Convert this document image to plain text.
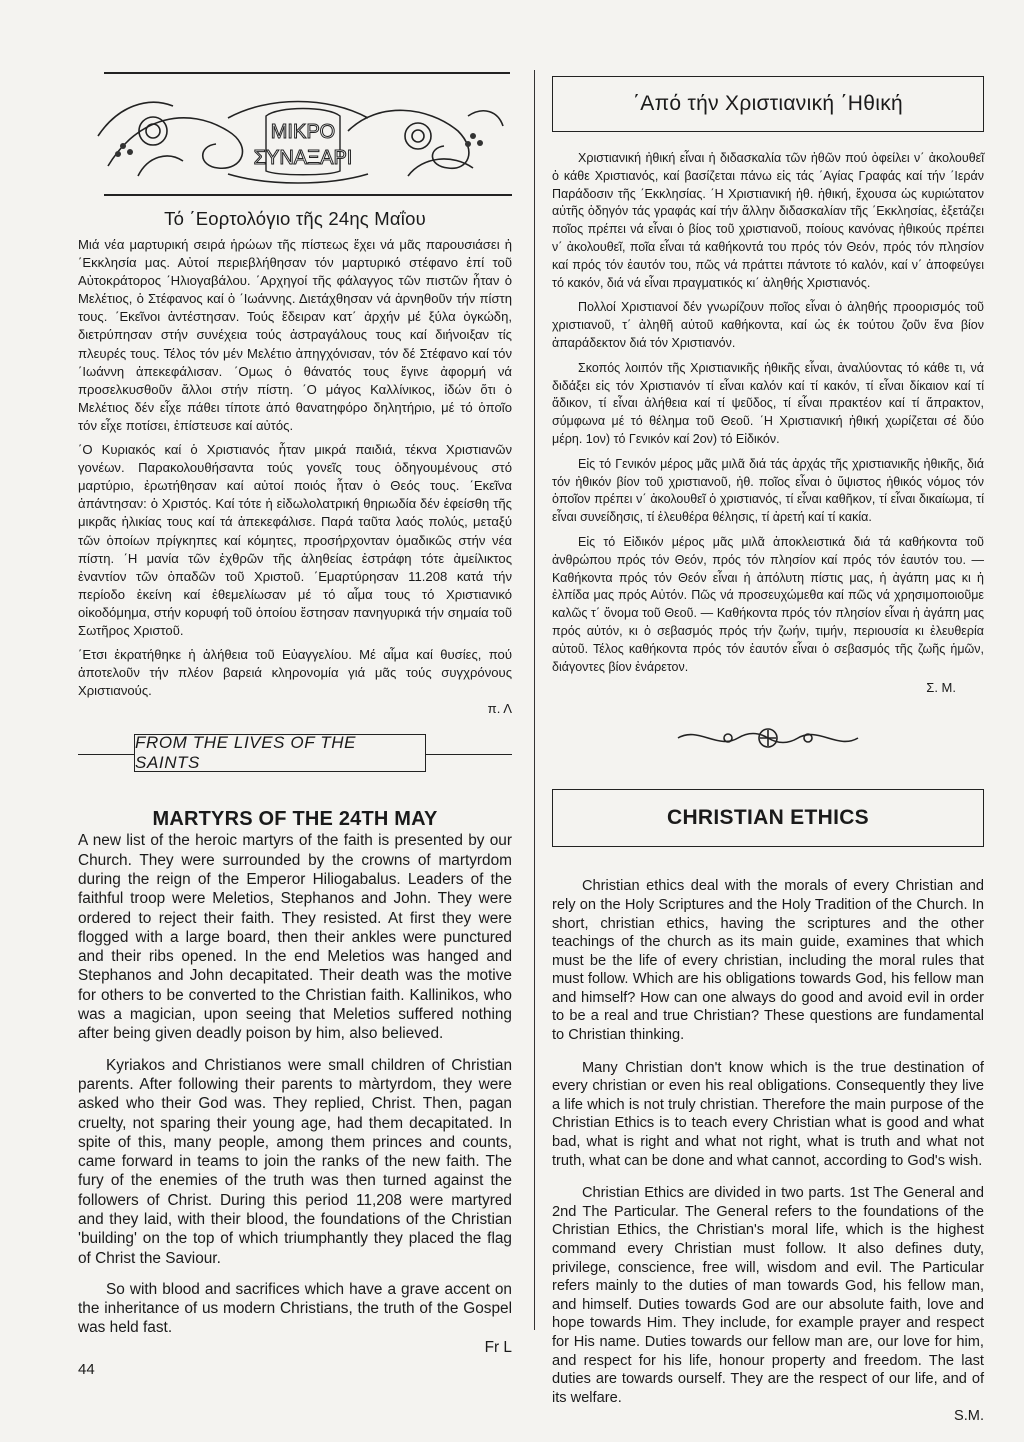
ΜΙΚΡΟ
ΣΥΝΑΞΑΡΙ
Τό ΄Εορτολόγιο τῆς 24ης Μαΐου

Μιά νέα μαρτυρική σειρά ἡρώων τῆς πίστεως ἔχει νά μᾶς παρουσιάσει ἡ ΄Εκκλησία μας. Αὐτοί περιεβλήθησαν τόν μαρτυρικό στέφανο ἐπί τοῦ Αὐτοκράτορος ΄Ηλιογαβάλου. ΄Αρχηγοί τῆς φάλαγγος τῶν πιστῶν ἦταν ὁ Μελέτιος, ὁ Στέφανος καί ὁ ΄Ιωάννης. Διετάχθησαν νά ἀρνηθοῦν τήν πίστη τους. ΄Εκεῖνοι ἀντέστησαν. Τούς ἔδειραν κατ΄ ἀρχήν μέ ξύλα ὀγκώδη, διετρύπησαν στήν συνέχεια τούς ἀστραγάλους τους καί διήνοιξαν τίς πλευρές τους. Τέλος τόν μέν Μελέτιο ἀπηγχόνισαν, τόν δέ Στέφανο καί τόν ΄Ιωάννη ἀπεκεφάλισαν. ΄Ομως ὁ θάνατός τους ἔγινε ἀφορμή νά προσελκυσθοῦν ἄλλοι στήν πίστη. ΄Ο μάγος Καλλίνικος, ἰδών ὅτι ὁ Μελέτιος δέν εἶχε πάθει τίποτε ἀπό θανατηφόρο δηλητήριο, μέ τό ὁποῖο τόν εἶχε ποτίσει, ἐπίστευσε καί αὐτός.

΄Ο Κυριακός καί ὁ Χριστιανός ἦταν μικρά παιδιά, τέκνα Χριστιανῶν γονέων. Παρακολουθήσαντα τούς γονεῖς τους ὁδηγουμένους στό μαρτύριο, ἐρωτήθησαν καί αὐτοί ποιός ἦταν ὁ Θεός τους. ΄Εκεῖνα ἀπάντησαν: ὁ Χριστός. Καί τότε ἡ εἰδωλολατρική θηριωδία δέν ἐφείσθη τῆς μικρᾶς ἡλικίας τους καί τά ἀπεκεφάλισε. Παρά ταῦτα λαός πολύς, μεταξύ τῶν ὁποίων πρίγκηπες καί κόμητες, προσήρχονταν ὁμαδικῶς στήν νέα πίστη. ΄Η μανία τῶν ἐχθρῶν τῆς ἀληθείας ἐστράφη τότε ἀμείλικτος ἐναντίον τῶν ὀπαδῶν τοῦ Χριστοῦ. ΄Εμαρτύρησαν 11.208 κατά τήν περίοδο ἐκείνη καί ἐθεμελίωσαν μέ τό αἷμα τους τό Χριστιανικό οἰκοδόμημα, στήν κορυφή τοῦ ὁποίου ἔστησαν πανηγυρικά τήν σημαία τοῦ Σωτῆρος Χριστοῦ.

΄Ετσι ἐκρατήθηκε ἡ ἀλήθεια τοῦ Εὐαγγελίου. Μέ αἷμα καί θυσίες, πού ἀποτελοῦν τήν πλέον βαρειά κληρονομία γιά μᾶς τούς συγχρόνους Χριστιανούς.

π. Λ
FROM THE LIVES OF THE SAINTS
MARTYRS OF THE 24TH MAY

A new list of the heroic martyrs of the faith is presented by our Church. They were surrounded by the crowns of martyrdom during the reign of the Emperor Hiliogabalus. Leaders of the faithful troop were Meletios, Stephanos and John. They were ordered to reject their faith. They resisted. At first they were flogged with a large board, then their ankles were punctured and their ribs opened. In the end Meletios was hanged and Stephanos and John decapitated. Their death was the motive for others to be converted to the Christian faith. Kallinikos, who was a magician, upon seeing that Meletios suffered nothing after being given deadly poison by him, also believed.

Kyriakos and Christianos were small children of Christian parents. After following their parents to màrtyrdom, they were asked who their God was. They replied, Christ. Then, pagan cruelty, not sparing their young age, had them decapitated. In spite of this, many people, among them princes and counts, came forward in teams to join the ranks of the new faith. The fury of the enemies of the truth was then turned against the followers of Christ. During this period 11,208 were martyred and they laid, with their blood, the foundations of the Christian 'building' on the top of which triumphantly they placed the flag of Christ the Saviour.

So with blood and sacrifices which have a grave accent on the inheritance of us modern Christians, the truth of the Gospel was held fast.

Fr L
44
΄Από τήν Χριστιανική ΄Ηθική

Χριστιανική ἠθική εἶναι ἡ διδασκαλία τῶν ἠθῶν πού ὀφείλει ν΄ ἀκολουθεῖ ὁ κάθε Χριστιανός, καί βασίζεται πάνω εἰς τάς ΄Αγίας Γραφάς καί τήν ΄Ιεράν Παράδοσιν τῆς ΄Εκκλησίας. ΄Η Χριστιανική ἠθ. ἠθική, ἔχουσα ὡς κυριώτατον αὐτῆς ὁδηγόν τάς γραφάς καί τήν ἄλλην διδασκαλίαν τῆς ΄Εκκλησίας, ἐξετάζει ποῖος πρέπει νά εἶναι ὁ βίος τοῦ χριστιανοῦ, ποίους κανόνας ἠθικούς πρέπει ν΄ ἀκολουθεῖ, ποῖα εἶναι τά καθήκοντά του πρός τόν Θεόν, πρός τόν πλησίον καί πρός τόν ἑαυτόν του, πῶς νά πράττει πάντοτε τό καλόν, καί ν΄ ἀποφεύγει τό κακόν, διά νά εἶναι πραγματικός κι΄ ἀληθής Χριστιανός.

Πολλοί Χριστιανοί δέν γνωρίζουν ποῖος εἶναι ὁ ἀληθής προορισμός τοῦ χριστιανοῦ, τ΄ ἀληθῆ αὐτοῦ καθήκοντα, καί ὡς ἐκ τούτου ζοῦν ἕνα βίον ἀπαράδεκτον διά τόν Χριστιανόν.

Σκοπός λοιπόν τῆς Χριστιανικῆς ἠθικῆς εἶναι, ἀναλύοντας τό κάθε τι, νά διδάξει εἰς τόν Χριστιανόν τί εἶναι καλόν καί τί κακόν, τί εἶναι δίκαιον καί τί ἄδικον, τί εἶναι ἀλήθεια καί τί ψεῦδος, τί εἶναι πρακτέον καί τί ἄπρακτον, σύμφωνα μέ τό θέλημα τοῦ Θεοῦ. ΄Η Χριστιανική ἠθική χωρίζεται σέ δύο μέρη. 1ον) τό Γενικόν καί 2ον) τό Εἰδικόν.

Εἰς τό Γενικόν μέρος μᾶς μιλᾶ διά τάς ἀρχάς τῆς χριστιανικῆς ἠθικῆς, διά τόν ἠθικόν βίον τοῦ χριστιανοῦ, ἠθ. ποῖος εἶναι ὁ ὕψιστος ἠθικός νόμος τόν ὁποῖον πρέπει ν΄ ἀκολουθεῖ ὁ χριστιανός, τί εἶναι καθῆκον, τί εἶναι δικαίωμα, τί εἶναι συνείδησις, τί ἐλευθέρα θέλησις, τί ἀρετή καί τί κακία.

Εἰς τό Εἰδικόν μέρος μᾶς μιλᾶ ἀποκλειστικά διά τά καθήκοντα τοῦ ἀνθρώπου πρός τόν Θεόν, πρός τόν πλησίον καί πρός τόν ἑαυτόν του. — Καθήκοντα πρός τόν Θεόν εἶναι ἡ ἀπόλυτη πίστις μας, ἡ ἀγάπη μας κι ἡ ἐλπίδα μας πρός Αὐτόν. Πῶς νά προσευχώμεθα καί πῶς νά χρησιμοποιοῦμε καλῶς τ΄ ὄνομα τοῦ Θεοῦ. — Καθήκοντα πρός τόν πλησίον εἶναι ἡ ἀγάπη μας πρός αὐτόν, κι ὁ σεβασμός πρός τήν ζωήν, τιμήν, περιουσία κι ἐλευθερία αὐτοῦ. Τέλος καθήκοντα πρός τόν ἑαυτόν εἶναι ὁ σεβασμός τῆς ζωῆς ἡμῶν, διάγοντες βίον ἐνάρετον.

Σ. Μ.
CHRISTIAN ETHICS

Christian ethics deal with the morals of every Christian and rely on the Holy Scriptures and the Holy Tradition of the Church. In short, christian ethics, having the scriptures and the other teachings of the church as its main guide, examines that which must be the life of every christian, including the moral rules that must follow. Which are his obligations towards God, his fellow man and himself? How can one always do good and avoid evil in order to be a real and true Christian? These questions are fundamental to Christian thinking.

Many Christian don't know which is the true destination of every christian or even his real obligations. Consequently they live a life which is not truly christian. Therefore the main purpose of the Christian Ethics is to teach every Christian what is good and what bad, what is right and what not right, what is truth and what not truth, what can be done and what cannot, according to God's wish.

Christian Ethics are divided in two parts. 1st The General and 2nd The Particular. The General refers to the foundations of the Christian Ethics, the Christian's moral life, which is the highest command every Christian must follow. It also defines duty, privilege, conscience, free will, wisdom and evil. The Particular refers mainly to the duties of man towards God, his fellow man, and himself. Duties towards God are our absolute faith, love and hope towards Him. They include, for example prayer and respect for His name. Duties towards our fellow man are, our love for him, and respect for his life, honour property and freedom. The last duties are towards ourself. They are the respect of our life, and of its welfare.

S.M.
